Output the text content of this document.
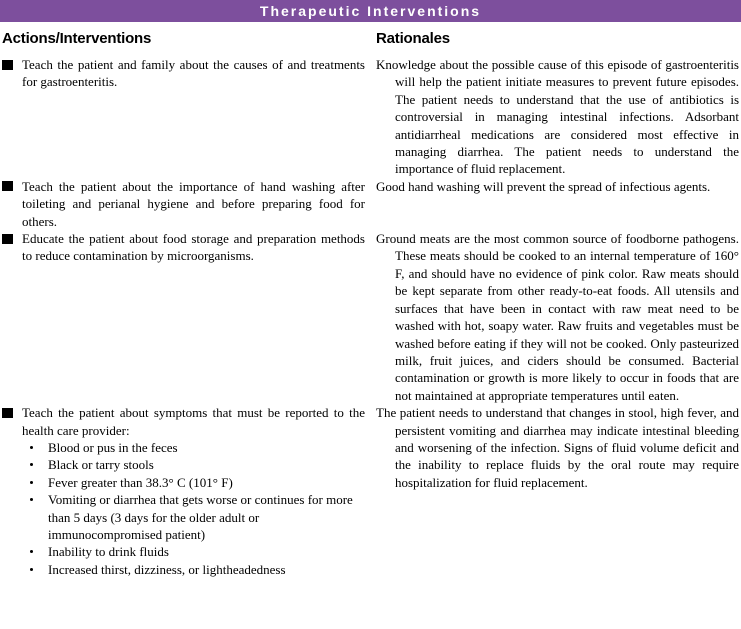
Therapeutic Interventions
Actions/Interventions	Rationales
Teach the patient and family about the causes of and treatments for gastroenteritis.
Knowledge about the possible cause of this episode of gastroenteritis will help the patient initiate measures to prevent future episodes. The patient needs to understand that the use of antibiotics is controversial in managing intestinal infections. Adsorbant antidiarrheal medications are considered most effective in managing diarrhea. The patient needs to understand the importance of fluid replacement.
Teach the patient about the importance of hand washing after toileting and perianal hygiene and before preparing food for others.
Good hand washing will prevent the spread of infectious agents.
Educate the patient about food storage and preparation methods to reduce contamination by microorganisms.
Ground meats are the most common source of foodborne pathogens. These meats should be cooked to an internal temperature of 160° F, and should have no evidence of pink color. Raw meats should be kept separate from other ready-to-eat foods. All utensils and surfaces that have been in contact with raw meat need to be washed with hot, soapy water. Raw fruits and vegetables must be washed before eating if they will not be cooked. Only pasteurized milk, fruit juices, and ciders should be consumed. Bacterial contamination or growth is more likely to occur in foods that are not maintained at appropriate temperatures until eaten.
Teach the patient about symptoms that must be reported to the health care provider:
Blood or pus in the feces
Black or tarry stools
Fever greater than 38.3° C (101° F)
Vomiting or diarrhea that gets worse or continues for more than 5 days (3 days for the older adult or immunocompromised patient)
Inability to drink fluids
Increased thirst, dizziness, or lightheadedness
The patient needs to understand that changes in stool, high fever, and persistent vomiting and diarrhea may indicate intestinal bleeding and worsening of the infection. Signs of fluid volume deficit and the inability to replace fluids by the oral route may require hospitalization for fluid replacement.
